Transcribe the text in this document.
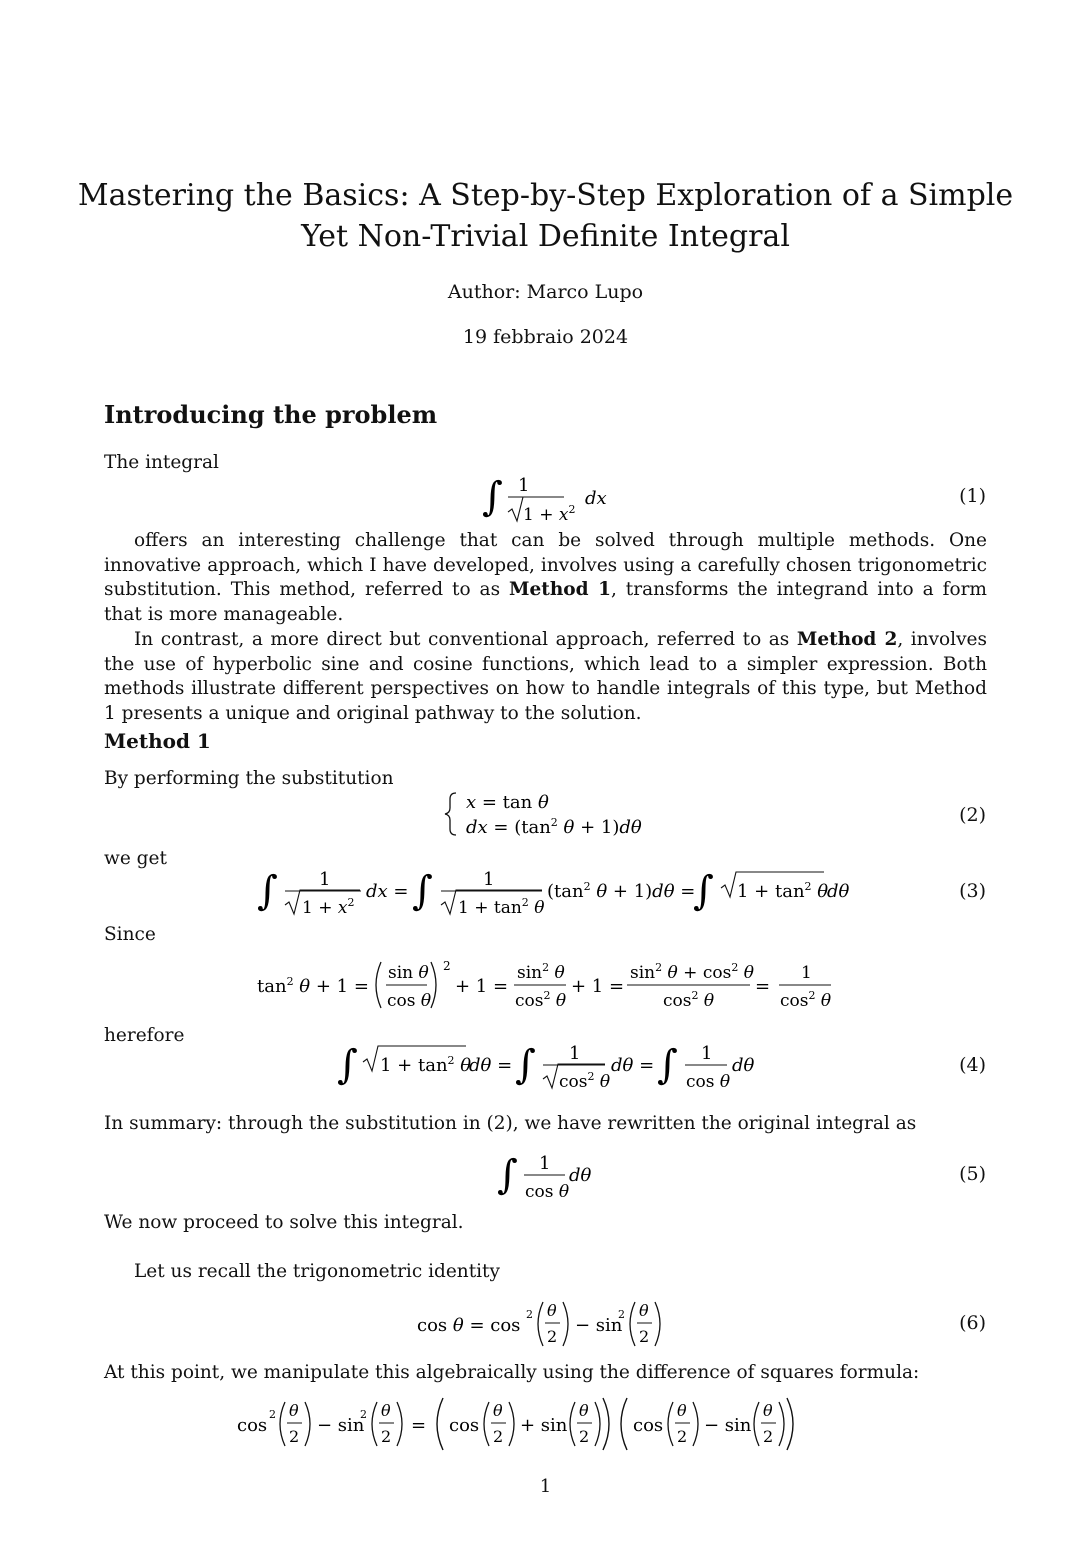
Mastering the Basics: A Step-by-Step Exploration of a Simple Yet Non-Trivial Definite Integral
Author: Marco Lupo
19 febbraio 2024
Introducing the problem
The integral
∫ 1
$1 + x^2$
dx	(1)
offers an interesting challenge that can be solved through multiple methods. One innovative approach, which I have developed, involves using a carefully chosen trigonometric substitution. This method, referred to as Method 1, transforms the integrand into a form that is more manageable.
In contrast, a more direct but conventional approach, referred to as Method 2, involves the use of hyperbolic sine and cosine functions, which lead to a simpler expression. Both methods illustrate different perspectives on how to handle integrals of this type, but Method 1 presents a unique and original pathway to the solution.
Method 1
By performing the substitution
x = tan θ
dx = ($\tan^2$ θ + 1)dθ
(2)
we get
∫ 1
$1 + x^2$
dx = ∫	1
$1 + \tan^2 \theta$
($\tan^2$ θ + 1)dθ =
∫ $1 + \tan^2 \theta$
dθ	(3)
Since
$\tan^2 \theta + 1$ =
sin θ
cos θ
2
+ 1 =
$\sin^2 \theta$
$\cos^2 \theta$
+ 1 =
$\sin^2 \theta + \cos^2 \theta$
$\cos^2 \theta$
=
1
$\cos^2 \theta$
herefore
∫ $1 + \tan^2 \theta$
dθ = ∫ 1
$\cos^2 \theta$
dθ = ∫ 1
cos θ
dθ	(4)
In summary: through the substitution in (2), we have rewritten the original integral as
∫ 1
cos θ
dθ	(5)
We now proceed to solve this integral.
Let us recall the trigonometric identity
cos θ = cos
2 θ
2
− sin
2 θ
2
(6)
At this point, we manipulate this algebraically using the difference of squares formula:
cos
2 θ
2
− sin
2 θ
2
= cos
θ
2
+ sin
θ
2
cos
θ
2
− sin
θ
2
1
